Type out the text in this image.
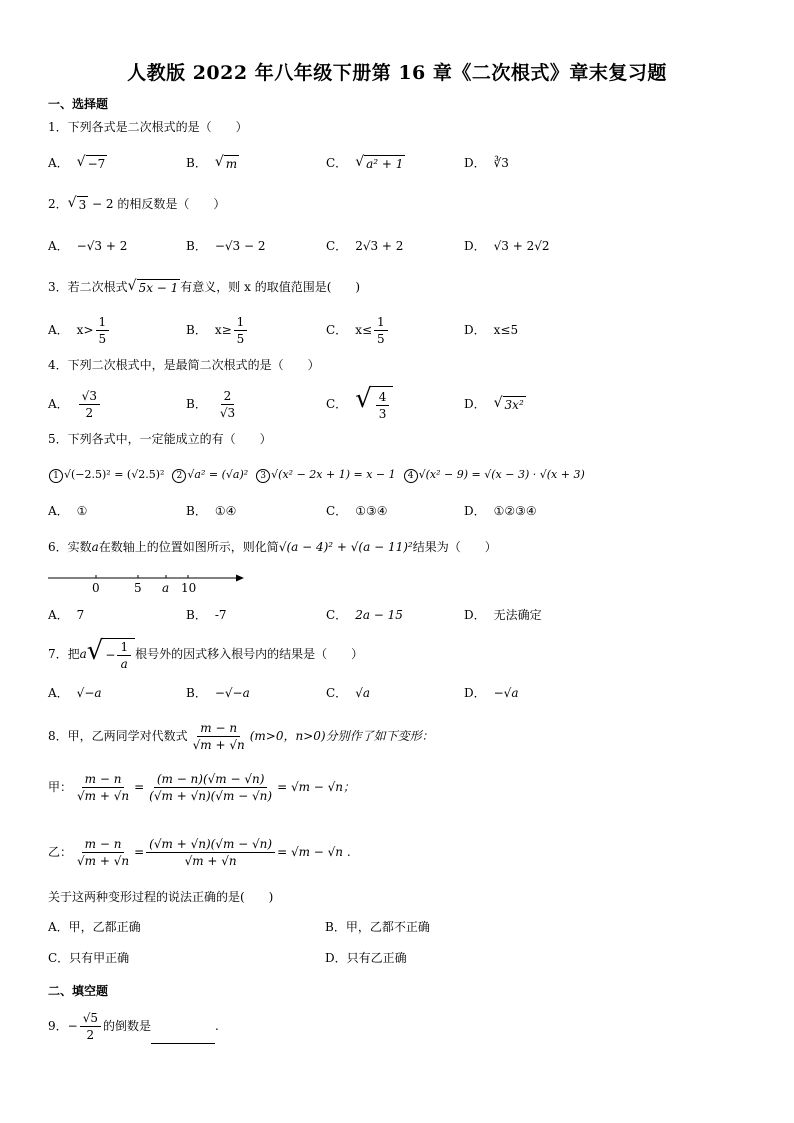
人教版 2022 年八年级下册第 16 章《二次根式》章末复习题
一、选择题
1．下列各式是二次根式的是（　　）
A． √ −7	B． √ m	C． √ a² + 1	D． ∛3
2． √ 3 − 2 的相反数是（　　）
A． −√3 + 2	B． −√3 − 2	C． 2√3 + 2	D． √3 + 2√2
3．若二次根式 √ 5x − 1 有意义，则 x 的取值范围是(　　)
A． $x> \frac{1}{5}$	B． $x\ge \frac{1}{5}$	C． $x\le \frac{1}{5}$	D． x≤5
4．下列二次根式中，是最简二次根式的是（　　）
A． $\frac{√3}{2}$	B． $\frac{2}{√3}$	C． √ $\frac{4}{3}$	D． √ 3x²
5．下列各式中，一定能成立的有（　　）
1 √(−2.5)² = (√2.5)² 2 √a² = (√a)² 3 √(x² − 2x + 1) = x − 1 4 √(x² − 9) = √(x − 3) · √(x + 3)
A． ①	B． ①④	C． ①③④	D． ①②③④
6．实数a在数轴上的位置如图所示，则化简√(a − 4)² + √(a − 11)²结果为（　　）
0	5 a 10
A． 7	B． -7	C． 2a − 15	D． 无法确定
7．把a √ − $\frac{1}{a}$ 根号外的因式移入根号内的结果是（　　）
A． √−a	B． −√−a	C． √a	D． −√a
8．甲，乙两同学对代数式 $\frac{m - n}{√m + √n} (m>0$，n>0)分别作了如下变形：
甲： $\frac{m - n}{√m + √n} = \frac{(m - n)(√m - √n)}{(√m + √n)(√m - √n)} = √m - √n$；
乙： $\frac{m - n}{√m + √n} = \frac{(√m + √n)(√m - √n)}{√m + √n} = √m - √n$ .
关于这两种变形过程的说法正确的是(　　)
A．甲，乙都正确	B．甲，乙都不正确
C．只有甲正确	D．只有乙正确
二、填空题
9．− $\frac{√5}{2}$ 的倒数是	.
